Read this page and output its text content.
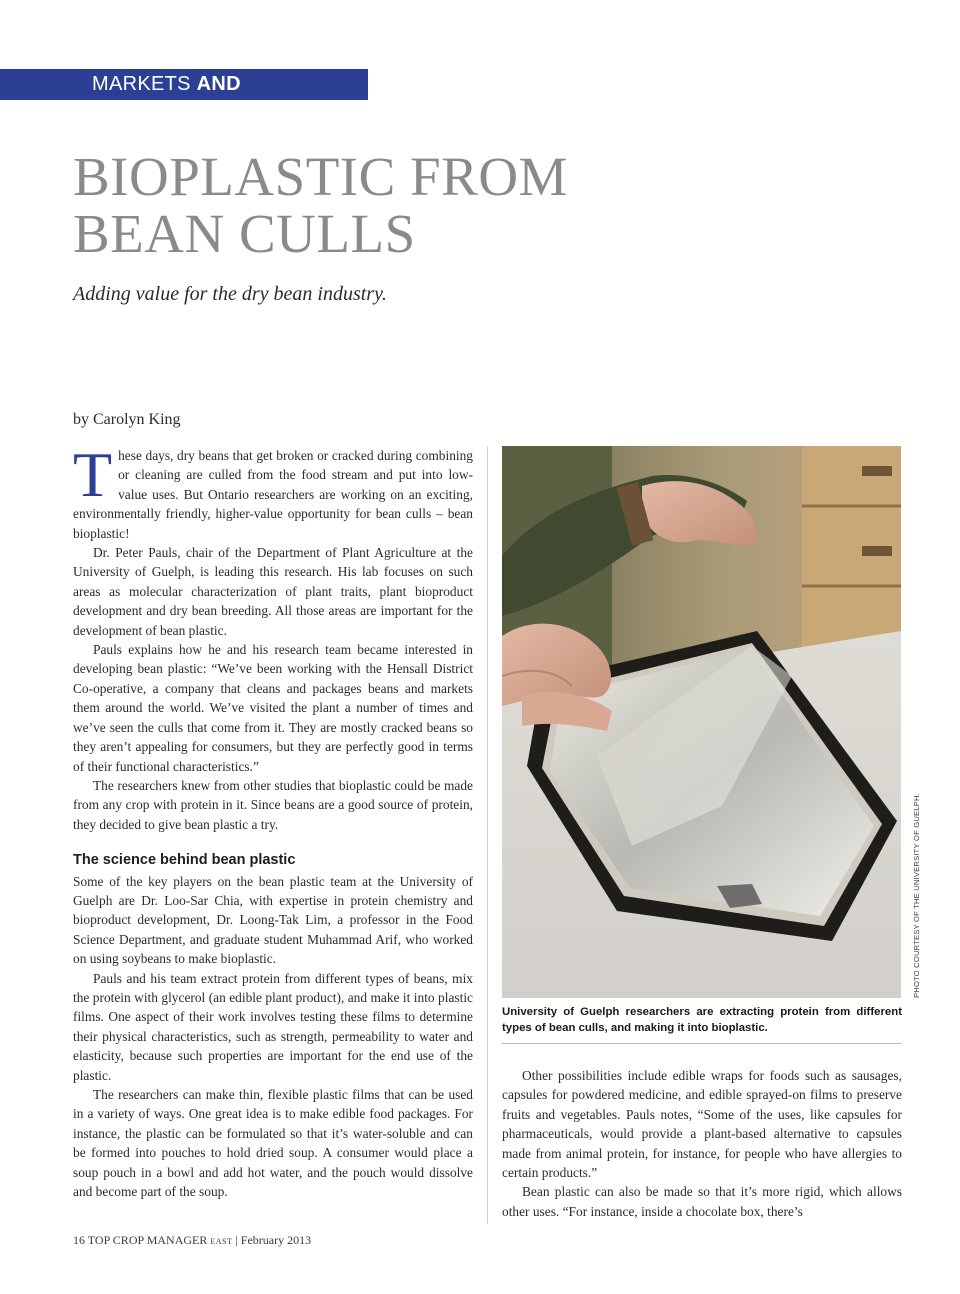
MARKETS AND MARKETING
BIOPLASTIC FROM
BEAN CULLS
Adding value for the dry bean industry.
by Carolyn King

These days, dry beans that get broken or cracked during combining or cleaning are culled from the food stream and put into low-value uses. But Ontario researchers are working on an exciting, environmentally friendly, higher-value opportunity for bean culls – bean bioplastic!

Dr. Peter Pauls, chair of the Department of Plant Agriculture at the University of Guelph, is leading this research. His lab focuses on such areas as molecular characterization of plant traits, plant bioproduct development and dry bean breeding. All those areas are important for the development of bean plastic.

Pauls explains how he and his research team became interested in developing bean plastic: “We’ve been working with the Hensall District Co-operative, a company that cleans and packages beans and markets them around the world. We’ve visited the plant a number of times and we’ve seen the culls that come from it. They are mostly cracked beans so they aren’t appealing for consumers, but they are perfectly good in terms of their functional characteristics.”

The researchers knew from other studies that bioplastic could be made from any crop with protein in it. Since beans are a good source of protein, they decided to give bean plastic a try.

The science behind bean plastic

Some of the key players on the bean plastic team at the University of Guelph are Dr. Loo-Sar Chia, with expertise in protein chemistry and bioproduct development, Dr. Loong-Tak Lim, a professor in the Food Science Department, and graduate student Muhammad Arif, who worked on using soybeans to make bioplastic.

Pauls and his team extract protein from different types of beans, mix the protein with glycerol (an edible plant product), and make it into plastic films. One aspect of their work involves testing these films to determine their physical characteristics, such as strength, permeability to water and elasticity, because such properties are important for the end use of the plastic.

The researchers can make thin, flexible plastic films that can be used in a variety of ways. One great idea is to make edible food packages. For instance, the plastic can be formulated so that it’s water-soluble and can be formed into pouches to hold dried soup. A consumer would place a soup pouch in a bowl and add hot water, and the pouch would dissolve and become part of the soup.

PHOTO COURTESY OF THE UNIVERSITY OF GUELPH.

University of Guelph researchers are extracting protein from different types of bean culls, and making it into bioplastic.

Other possibilities include edible wraps for foods such as sausages, capsules for powdered medicine, and edible sprayed-on films to preserve fruits and vegetables. Pauls notes, “Some of the uses, like capsules for pharmaceuticals, would provide a plant-based alternative to capsules made from animal protein, for instance, for people who have allergies to certain products.”

Bean plastic can also be made so that it’s more rigid, which allows other uses. “For instance, inside a chocolate box, there’s

16 TOP CROP MANAGER EAST | February 2013
